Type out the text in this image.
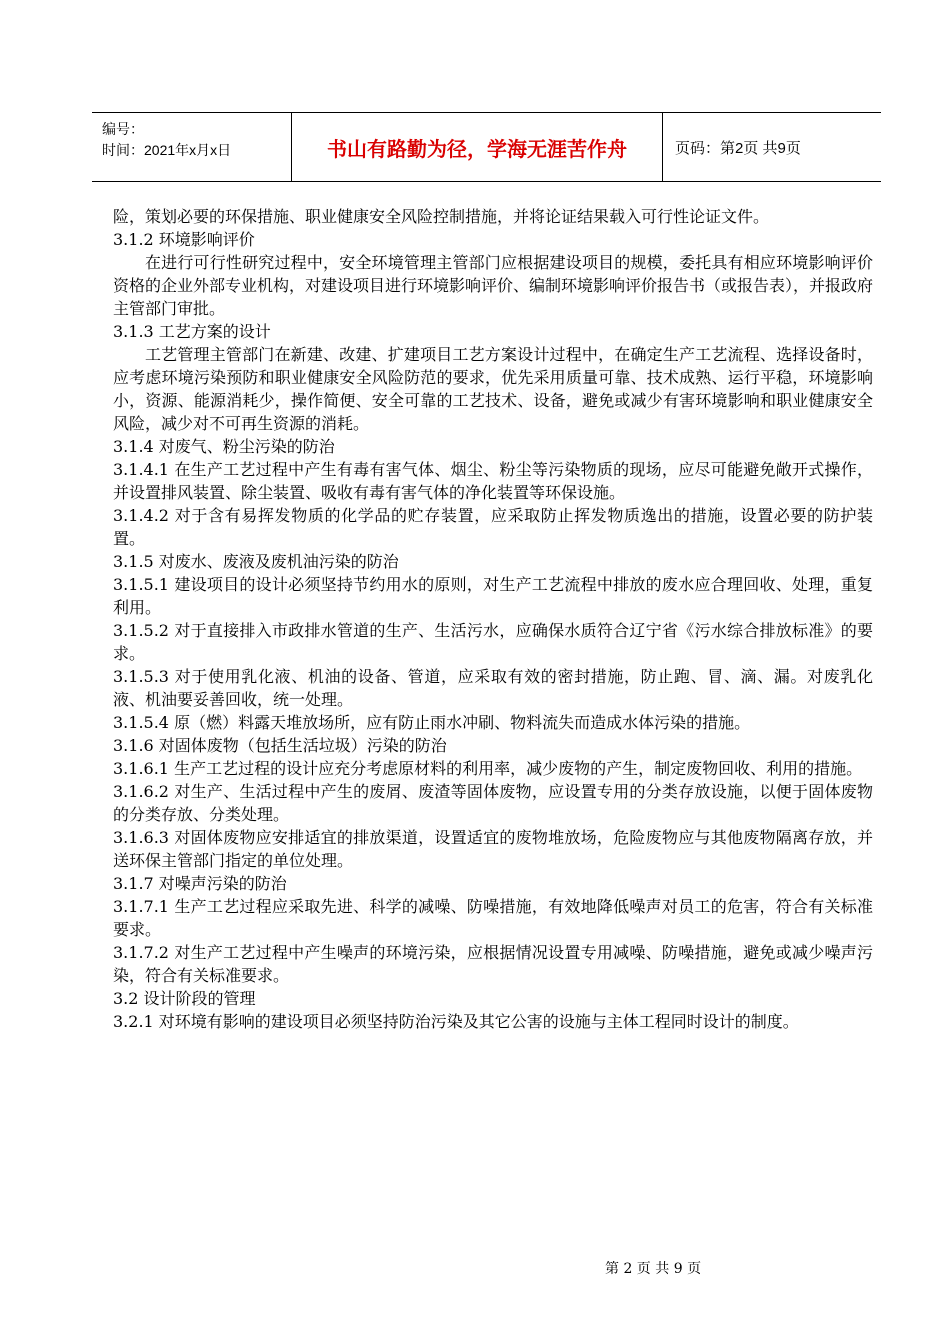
编号：
时间：2021年x月x日	书山有路勤为径，学海无涯苦作舟	页码：第2页 共9页

险，策划必要的环保措施、职业健康安全风险控制措施，并将论证结果载入可行性论证文件。

3.1.2 环境影响评价

在进行可行性研究过程中，安全环境管理主管部门应根据建设项目的规模，委托具有相应环境影响评价资格的企业外部专业机构，对建设项目进行环境影响评价、编制环境影响评价报告书（或报告表），并报政府主管部门审批。

3.1.3 工艺方案的设计

工艺管理主管部门在新建、改建、扩建项目工艺方案设计过程中，在确定生产工艺流程、选择设备时，应考虑环境污染预防和职业健康安全风险防范的要求，优先采用质量可靠、技术成熟、运行平稳，环境影响小，资源、能源消耗少，操作简便、安全可靠的工艺技术、设备，避免或减少有害环境影响和职业健康安全风险，减少对不可再生资源的消耗。

3.1.4 对废气、粉尘污染的防治

3.1.4.1 在生产工艺过程中产生有毒有害气体、烟尘、粉尘等污染物质的现场，应尽可能避免敞开式操作，并设置排风装置、除尘装置、吸收有毒有害气体的净化装置等环保设施。

3.1.4.2 对于含有易挥发物质的化学品的贮存装置，应采取防止挥发物质逸出的措施，设置必要的防护装置。

3.1.5 对废水、废液及废机油污染的防治

3.1.5.1 建设项目的设计必须坚持节约用水的原则，对生产工艺流程中排放的废水应合理回收、处理，重复利用。

3.1.5.2 对于直接排入市政排水管道的生产、生活污水，应确保水质符合辽宁省《污水综合排放标准》的要求。

3.1.5.3 对于使用乳化液、机油的设备、管道，应采取有效的密封措施，防止跑、冒、滴、漏。对废乳化液、机油要妥善回收，统一处理。

3.1.5.4 原（燃）料露天堆放场所，应有防止雨水冲刷、物料流失而造成水体污染的措施。

3.1.6 对固体废物（包括生活垃圾）污染的防治

3.1.6.1 生产工艺过程的设计应充分考虑原材料的利用率，减少废物的产生，制定废物回收、利用的措施。

3.1.6.2 对生产、生活过程中产生的废屑、废渣等固体废物，应设置专用的分类存放设施，以便于固体废物的分类存放、分类处理。

3.1.6.3 对固体废物应安排适宜的排放渠道，设置适宜的废物堆放场，危险废物应与其他废物隔离存放，并送环保主管部门指定的单位处理。

3.1.7 对噪声污染的防治

3.1.7.1 生产工艺过程应采取先进、科学的减噪、防噪措施，有效地降低噪声对员工的危害，符合有关标准要求。

3.1.7.2 对生产工艺过程中产生噪声的环境污染，应根据情况设置专用减噪、防噪措施，避免或减少噪声污染，符合有关标准要求。

3.2 设计阶段的管理

3.2.1 对环境有影响的建设项目必须坚持防治污染及其它公害的设施与主体工程同时设计的制度。

第 2 页 共 9 页
